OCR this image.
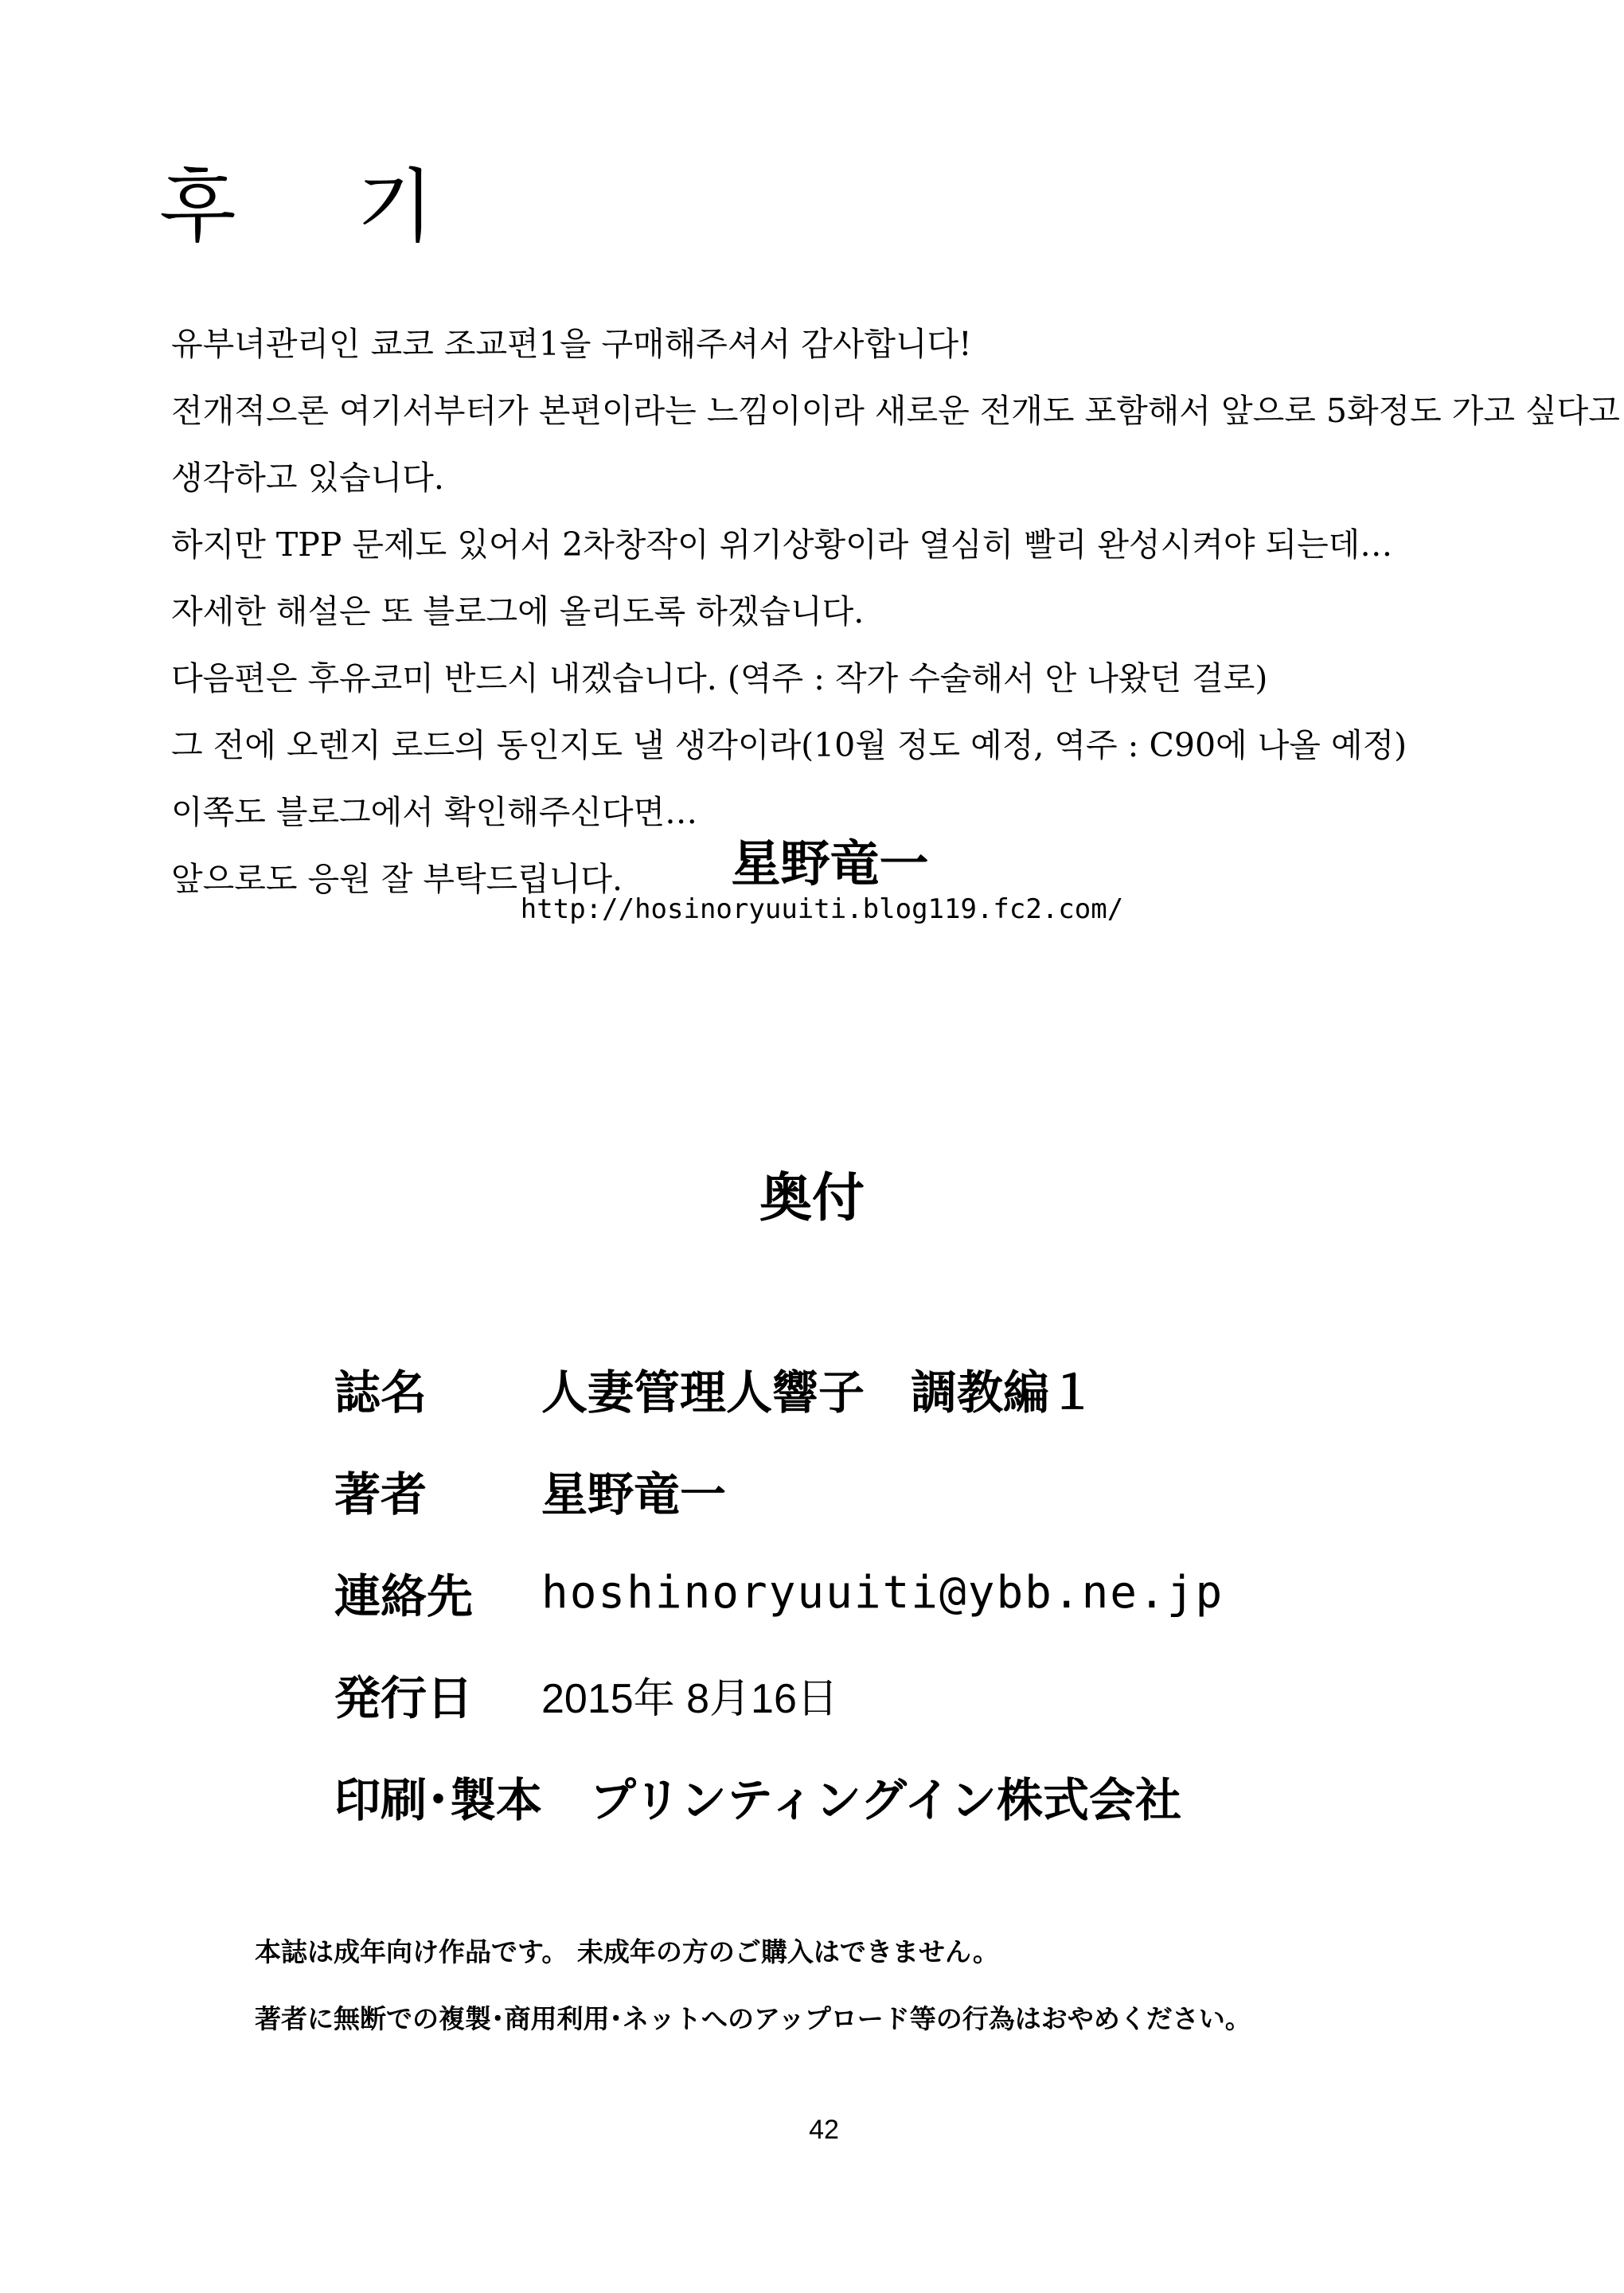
후 기
유부녀관리인 쿄코 조교편1을 구매해주셔서 감사합니다!
전개적으론 여기서부터가 본편이라는 느낌이이라 새로운 전개도 포함해서 앞으로 5화정도 가고 싶다고
생각하고 있습니다.
하지만 TPP 문제도 있어서 2차창작이 위기상황이라 열심히 빨리 완성시켜야 되는데…
자세한 해설은 또 블로그에 올리도록 하겠습니다.
다음편은 후유코미 반드시 내겠습니다. (역주 : 작가 수술해서 안 나왔던 걸로)
그 전에 오렌지 로드의 동인지도 낼 생각이라(10월 정도 예정, 역주 : C90에 나올 예정)
이쪽도 블로그에서 확인해주신다면…
앞으로도 응원 잘 부탁드립니다.	星野竜一
http://hosinoryuuiti.blog119.fc2.com/
奥付
誌名	人妻管理人響子　調教編１
著者	星野竜一
連絡先	hoshinoryuuiti@ybb.ne.jp
発行日	2015年 8月16日
印刷･製本 プリンティングイン株式会社
本誌は成年向け作品です。 未成年の方のご購入はできません。
著者に無断での複製･商用利用･ネットへのアップロード等の行為はおやめください。
42
